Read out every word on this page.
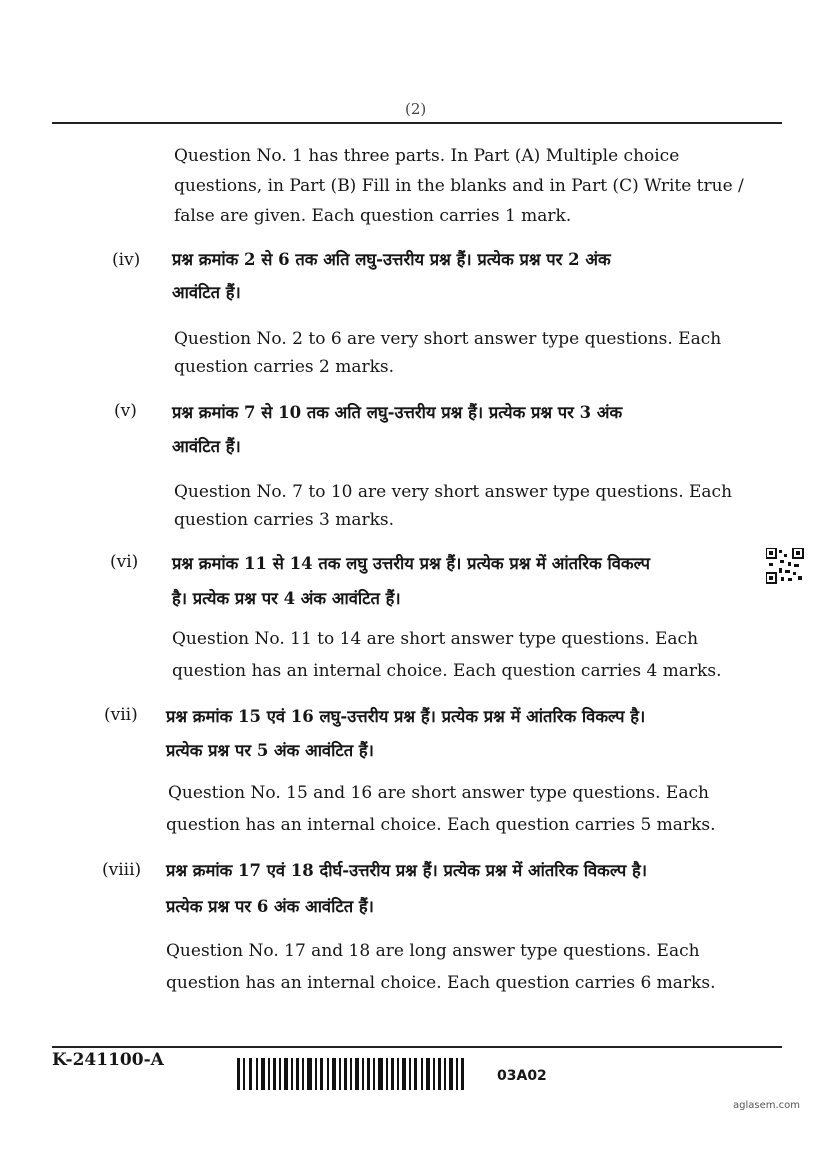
(2)
Question No. 1 has three parts. In Part (A) Multiple choice
questions, in Part (B) Fill in the blanks and in Part (C) Write true /
false are given. Each question carries 1 mark.
(iv) प्रश्न क्रमांक 2 से 6 तक अति लघु-उत्तरीय प्रश्न हैं। प्रत्येक प्रश्न पर 2 अंक
आवंटित हैं।
Question No. 2 to 6 are very short answer type questions. Each
question carries 2 marks.
(v) प्रश्न क्रमांक 7 से 10 तक अति लघु-उत्तरीय प्रश्न हैं। प्रत्येक प्रश्न पर 3 अंक
आवंटित हैं।
Question No. 7 to 10 are very short answer type questions. Each
question carries 3 marks.
(vi) प्रश्न क्रमांक 11 से 14 तक लघु उत्तरीय प्रश्न हैं। प्रत्येक प्रश्न में आंतरिक विकल्प
है। प्रत्येक प्रश्न पर 4 अंक आवंटित हैं।
Question No. 11 to 14 are short answer type questions. Each
question has an internal choice. Each question carries 4 marks.
(vii) प्रश्न क्रमांक 15 एवं 16 लघु-उत्तरीय प्रश्न हैं। प्रत्येक प्रश्न में आंतरिक विकल्प है।
प्रत्येक प्रश्न पर 5 अंक आवंटित हैं।
Question No. 15 and 16 are short answer type questions. Each
question has an internal choice. Each question carries 5 marks.
(viii) प्रश्न क्रमांक 17 एवं 18 दीर्घ-उत्तरीय प्रश्न हैं। प्रत्येक प्रश्न में आंतरिक विकल्प है।
प्रत्येक प्रश्न पर 6 अंक आवंटित हैं।
Question No. 17 and 18 are long answer type questions. Each
question has an internal choice. Each question carries 6 marks.
K-241100-A
03A02
aglasem.com
